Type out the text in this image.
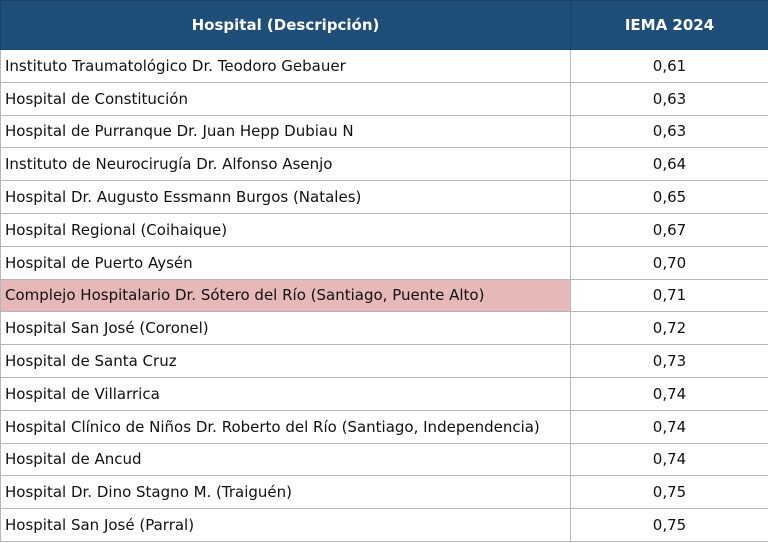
Hospital (Descripción)	IEMA 2024
Instituto Traumatológico Dr. Teodoro Gebauer	0,61
Hospital de Constitución	0,63
Hospital de Purranque Dr. Juan Hepp Dubiau N	0,63
Instituto de Neurocirugía Dr. Alfonso Asenjo	0,64
Hospital Dr. Augusto Essmann Burgos (Natales)	0,65
Hospital Regional (Coihaique)	0,67
Hospital de Puerto Aysén	0,70
Complejo Hospitalario Dr. Sótero del Río (Santiago, Puente Alto)	0,71
Hospital San José (Coronel)	0,72
Hospital de Santa Cruz	0,73
Hospital de Villarrica	0,74
Hospital Clínico de Niños Dr. Roberto del Río (Santiago, Independencia)	0,74
Hospital de Ancud	0,74
Hospital Dr. Dino Stagno M. (Traiguén)	0,75
Hospital San José (Parral)	0,75
